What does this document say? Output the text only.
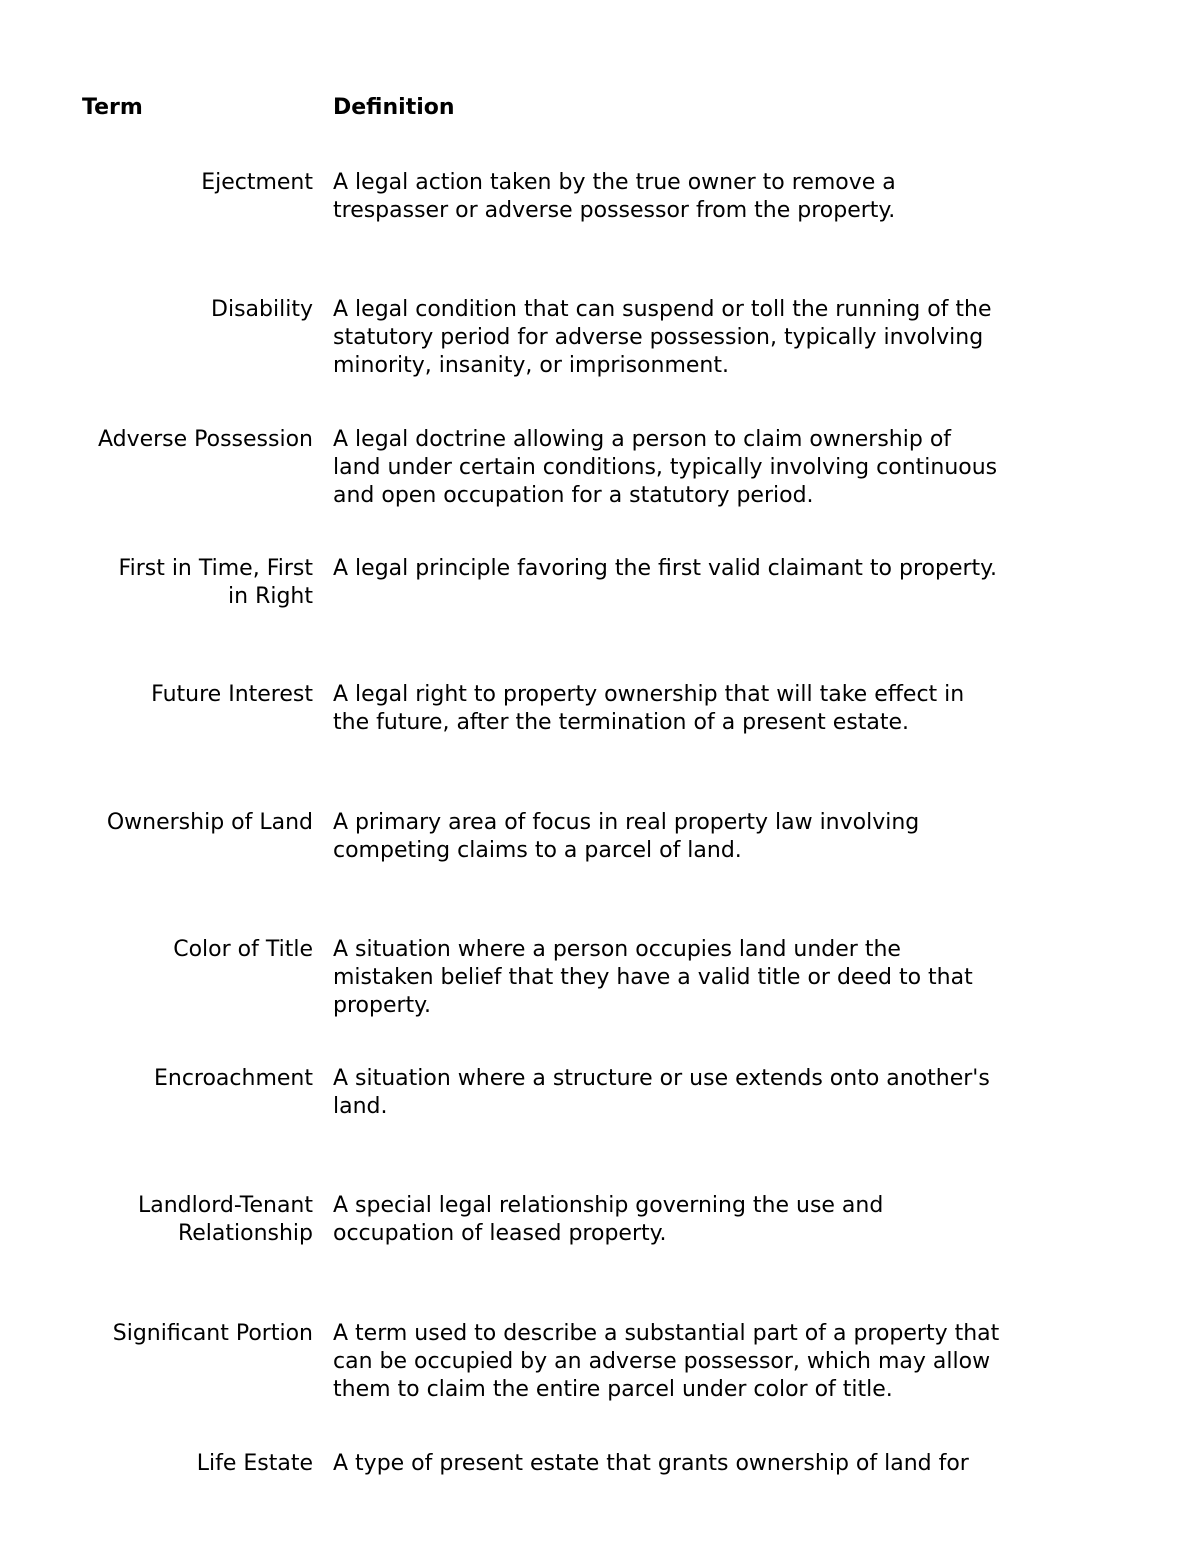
Term	Definition
Ejectment A legal action taken by the true owner to remove a
trespasser or adverse possessor from the property.
Disability A legal condition that can suspend or toll the running of the
statutory period for adverse possession, typically involving
minority, insanity, or imprisonment.
Adverse Possession A legal doctrine allowing a person to claim ownership of
land under certain conditions, typically involving continuous
and open occupation for a statutory period.
First in Time, First
in Right
A legal principle favoring the first valid claimant to property.
Future Interest A legal right to property ownership that will take effect in
the future, after the termination of a present estate.
Ownership of Land A primary area of focus in real property law involving
competing claims to a parcel of land.
Color of Title A situation where a person occupies land under the
mistaken belief that they have a valid title or deed to that
property.
Encroachment A situation where a structure or use extends onto another's
land.
Landlord-Tenant
Relationship
A special legal relationship governing the use and
occupation of leased property.
Significant Portion A term used to describe a substantial part of a property that
can be occupied by an adverse possessor, which may allow
them to claim the entire parcel under color of title.
Life Estate A type of present estate that grants ownership of land for
